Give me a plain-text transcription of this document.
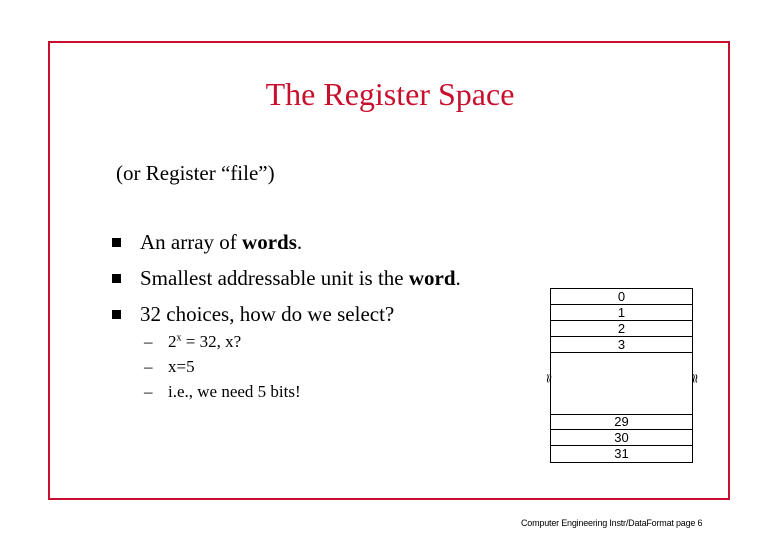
The Register Space
(or Register “file”)
An array of words.
Smallest addressable unit is the word.
32 choices, how do we select?
– $2^x = 32$, x?
– x=5
– i.e., we need 5 bits!
0
1
2
3
29
30
31
≈	≈
Computer Engineering Instr/DataFormat page 6
